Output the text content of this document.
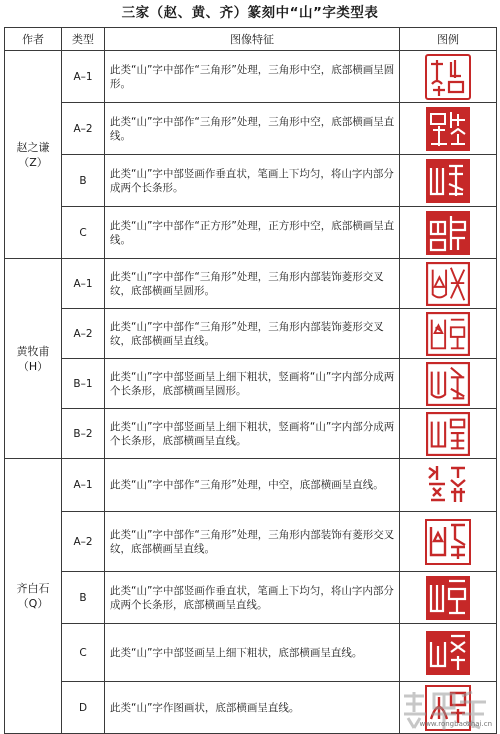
三家（赵、黄、齐）篆刻中“山”字类型表
作者	类型	图像特征	图例

赵之谦
（Z）	A–1	此类“山”字中部作“三角形”处理，三角形中空，底部横画呈圆形。	

	A–2	此类“山”字中部作“三角形”处理，三角形中空，底部横画呈直线。	

	B	此类“山”字中部竖画作垂直状，笔画上下均匀，将山字内部分成两个长条形。	

	C	此类“山”字中部作“正方形”处理，正方形中空，底部横画呈直线。	

黄牧甫
（H）	A–1	此类“山”字中部作“三角形”处理，三角形内部装饰菱形交叉纹，底部横画呈圆形。	

	A–2	此类“山”字中部作“三角形”处理，三角形内部装饰菱形交叉纹，底部横画呈直线。	

	B–1	此类“山”字中部竖画呈上细下粗状，竖画将“山”字内部分成两个长条形，底部横画呈圆形。	

	B–2	此类“山”字中部竖画呈上细下粗状，竖画将“山”字内部分成两个长条形，底部横画呈直线。	

齐白石
（Q）	A–1	此类“山”字中部作“三角形”处理，中空，底部横画呈直线。	

	A–2	此类“山”字中部作“三角形”处理，三角形内部装饰有菱形交叉纹，底部横画呈直线。	

	B	此类“山”字中部竖画作垂直状，笔画上下均匀，将山字内部分成两个长条形，底部横画呈直线。	

	C	此类“山”字中部竖画呈上细下粗状，底部横画呈直线。	

	D	此类“山”字作图画状，底部横画呈直线。	
www.rongbaozhai.cn
